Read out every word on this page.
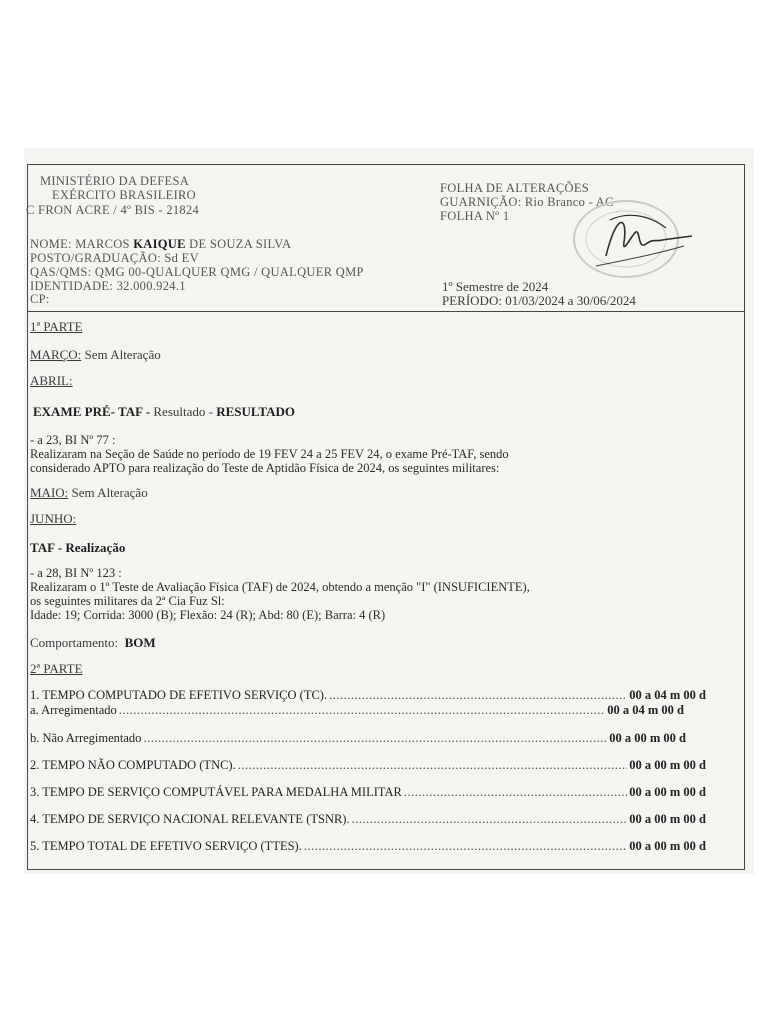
MINISTÉRIO DA DEFESA
EXÉRCITO BRASILEIRO
C FRON ACRE / 4º BIS - 21824
FOLHA DE ALTERAÇÕES
GUARNIÇÃO: Rio Branco - AC
FOLHA Nº 1
NOME: MARCOS KAIQUE DE SOUZA SILVA
POSTO/GRADUAÇÃO: Sd EV
QAS/QMS: QMG 00-QUALQUER QMG / QUALQUER QMP
IDENTIDADE: 32.000.924.1
CP:
1º Semestre de 2024
PERÍODO: 01/03/2024 a 30/06/2024
1ª PARTE
MARÇO: Sem Alteração
ABRIL:
EXAME PRÉ- TAF - Resultado - RESULTADO
- a 23, BI Nº 77 :
Realizaram na Seção de Saúde no período de 19 FEV 24 a 25 FEV 24, o exame Pré-TAF, sendo
considerado APTO para realização do Teste de Aptidão Física de 2024, os seguintes militares:
MAIO: Sem Alteração
JUNHO:
TAF - Realização
- a 28, BI Nº 123 :
Realizaram o 1º Teste de Avaliação Física (TAF) de 2024, obtendo a menção "I" (INSUFICIENTE),
os seguintes militares da 2ª Cia Fuz Sl:
Idade: 19; Corrida: 3000 (B); Flexão: 24 (R); Abd: 80 (E); Barra: 4 (R)
Comportamento: BOM
2ª PARTE
1. TEMPO COMPUTADO DE EFETIVO SERVIÇO (TC). .....	00 a 04 m 00 d
a. Arregimentado .....	00 a 04 m 00 d
b. Não Arregimentado .....	00 a 00 m 00 d
2. TEMPO NÃO COMPUTADO (TNC). .....	00 a 00 m 00 d
3. TEMPO DE SERVIÇO COMPUTÁVEL PARA MEDALHA MILITAR .....	00 a 00 m 00 d
4. TEMPO DE SERVIÇO NACIONAL RELEVANTE (TSNR). .....	00 a 00 m 00 d
5. TEMPO TOTAL DE EFETIVO SERVIÇO (TTES). .....	00 a 00 m 00 d
